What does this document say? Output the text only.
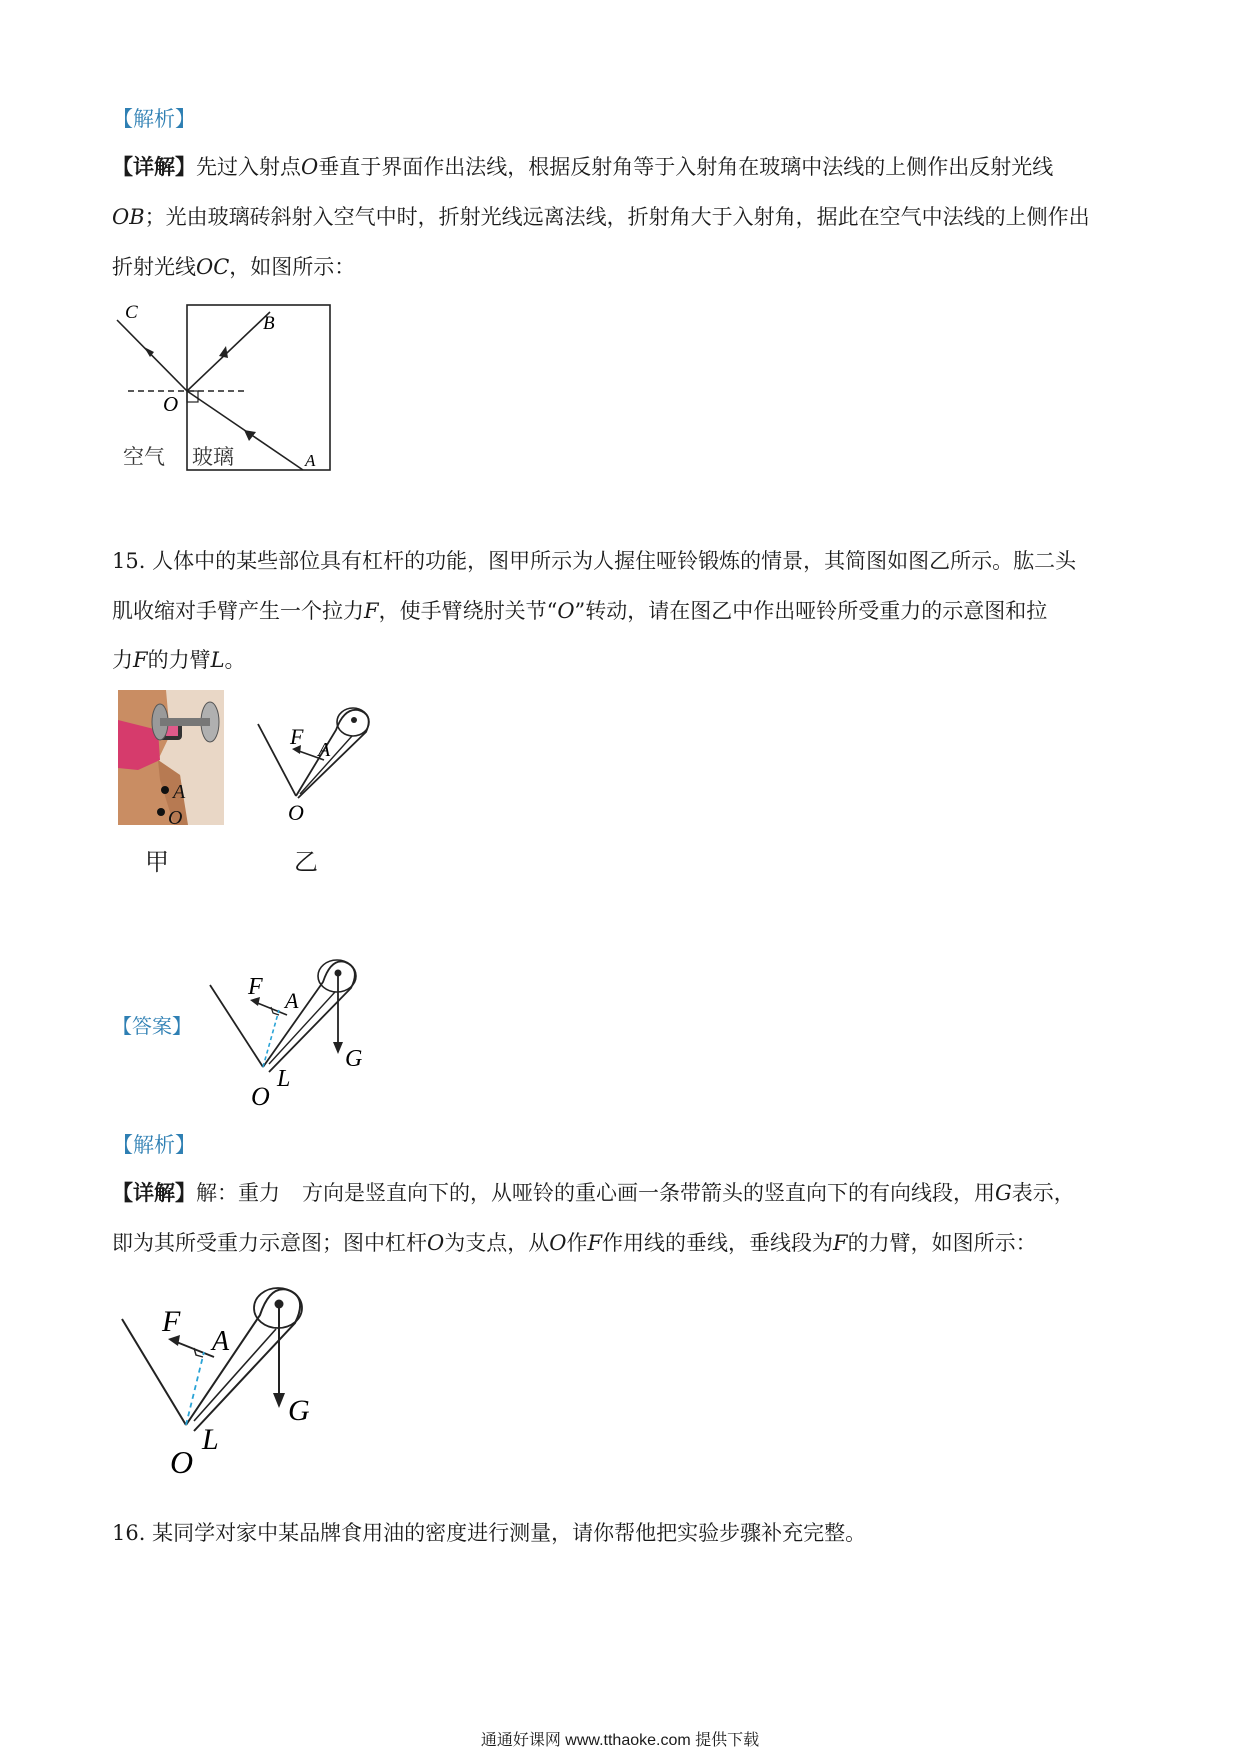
【解析】
【详解】先过入射点O垂直于界面作出法线，根据反射角等于入射角在玻璃中法线的上侧作出反射光线
OB；光由玻璃砖斜射入空气中时，折射光线远离法线，折射角大于入射角，据此在空气中法线的上侧作出
折射光线OC，如图所示：
C
B
O
A
空气 玻璃
15. 人体中的某些部位具有杠杆的功能，图甲所示为人握住哑铃锻炼的情景，其简图如图乙所示。肱二头
肌收缩对手臂产生一个拉力F，使手臂绕肘关节“O”转动，请在图乙中作出哑铃所受重力的示意图和拉
力F的力臂L。
A
O
甲
F
A
O
乙
【答案】
F
A
L
G
O
【解析】
【详解】解：重力 方向是竖直向下的，从哑铃的重心画一条带箭头的竖直向下的有向线段，用G表示，
即为其所受重力示意图；图中杠杆O为支点，从O作F作用线的垂线，垂线段为F的力臂，如图所示：
F
A
L
G
O
16. 某同学对家中某品牌食用油的密度进行测量，请你帮他把实验步骤补充完整。
通通好课网 www.tthaoke.com 提供下载
